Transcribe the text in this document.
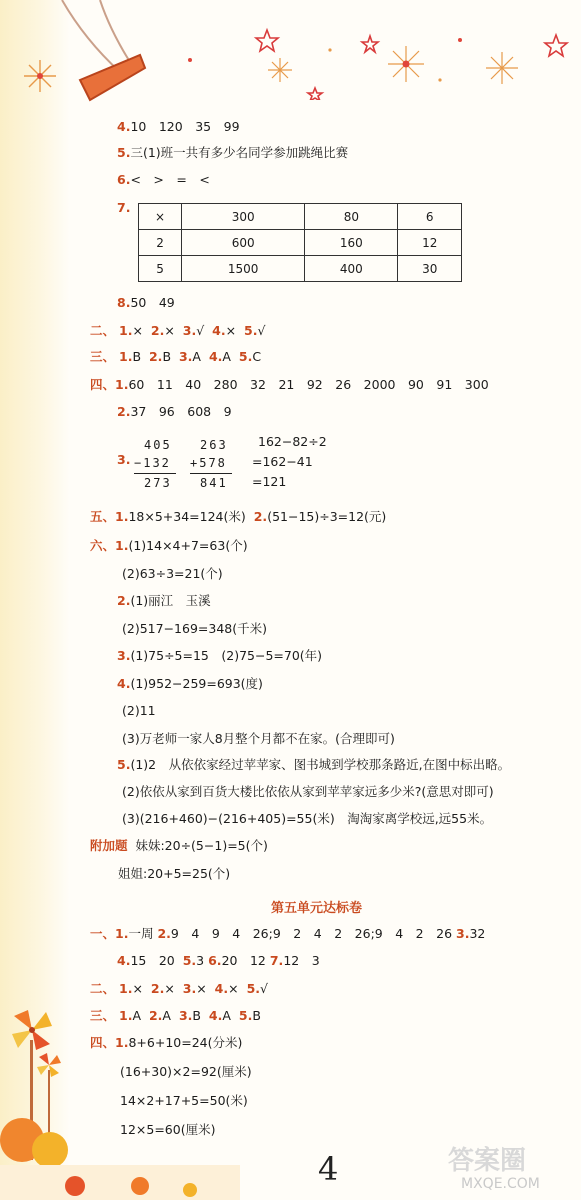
4.10　120　35　99
5.三(1)班一共有多少名同学参加跳绳比赛
6.<　>　=　<
7.
×	300	80	6
2	600	160	12
5	1500	400	30
8.50　49
二、 1.× 2.× 3.√ 4.× 5.√
三、 1.B 2.B 3.A 4.A 5.C
四、1.60　11　40　280　32　21　92　26　2000　90　91　300
2.37　96　608　9
3.
405
−132
273
263
+578
841
162−82÷2
=162−41
=121
五、1.18×5+34=124(米) 2.(51−15)÷3=12(元)
六、1.(1)14×4+7=63(个)
(2)63÷3=21(个)
2.(1)丽江　玉溪
(2)517−169=348(千米)
3.(1)75÷5=15　(2)75−5=70(年)
4.(1)952−259=693(度)
(2)11
(3)万老师一家人8月整个月都不在家。(合理即可)
5.(1)2　从依依家经过苹苹家、图书城到学校那条路近,在图中标出略。
(2)依依从家到百货大楼比依依从家到苹苹家远多少米?(意思对即可)
(3)(216+460)−(216+405)=55(米)　淘淘家离学校远,远55米。
附加题 妹妹:20÷(5−1)=5(个)
姐姐:20+5=25(个)
第五单元达标卷
一、1.一周 2.9　4　9　4　26;9　2　4　2　26;9　4　2　26 3.32
4.15　20 5.3 6.20　12 7.12　3
二、 1.× 2.× 3.× 4.× 5.√
三、 1.A 2.A 3.B 4.A 5.B
四、1.8+6+10=24(分米)
(16+30)×2=92(厘米)
14×2+17+5=50(米)
12×5=60(厘米)
4	答案圈
MXQE.COM
